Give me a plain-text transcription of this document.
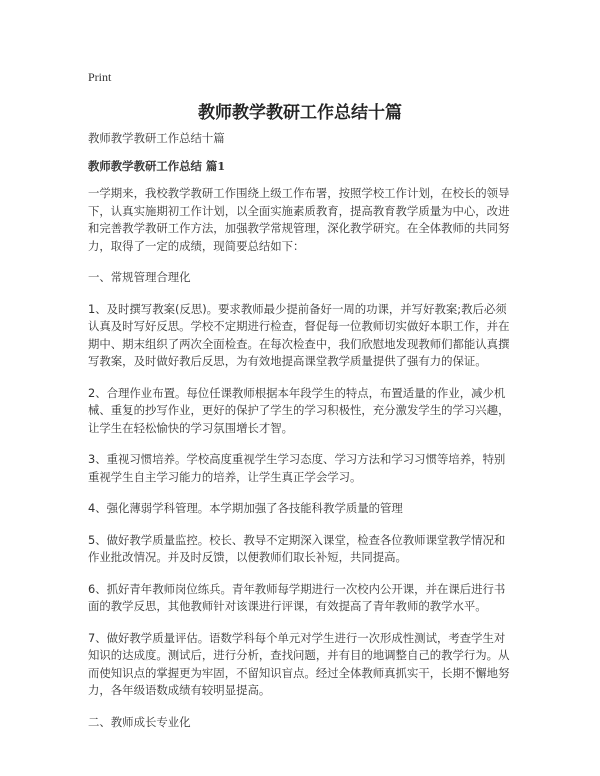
Print
教师教学教研工作总结十篇

教师教学教研工作总结十篇

教师教学教研工作总结 篇1

一学期来，我校教学教研工作围绕上级工作布署，按照学校工作计划，在校长的领导下，认真实施期初工作计划，以全面实施素质教育，提高教育教学质量为中心，改进和完善教学教研工作方法，加强教学常规管理，深化教学研究。在全体教师的共同努力，取得了一定的成绩，现简要总结如下：

一、常规管理合理化

1、及时撰写教案(反思)。要求教师最少提前备好一周的功课，并写好教案;教后必须认真及时写好反思。学校不定期进行检查，督促每一位教师切实做好本职工作，并在期中、期末组织了两次全面检查。在每次检查中，我们欣慰地发现教师们都能认真撰写教案，及时做好教后反思，为有效地提高课堂教学质量提供了强有力的保证。

2、合理作业布置。每位任课教师根据本年段学生的特点，布置适量的作业，减少机械、重复的抄写作业，更好的保护了学生的学习积极性，充分激发学生的学习兴趣，让学生在轻松愉快的学习氛围增长才智。

3、重视习惯培养。学校高度重视学生学习态度、学习方法和学习习惯等培养，特别重视学生自主学习能力的培养，让学生真正学会学习。

4、强化薄弱学科管理。本学期加强了各技能科教学质量的管理

5、做好教学质量监控。校长、教导不定期深入课堂，检查各位教师课堂教学情况和作业批改情况。并及时反馈，以便教师们取长补短，共同提高。

6、抓好青年教师岗位练兵。青年教师每学期进行一次校内公开课，并在课后进行书面的教学反思，其他教师针对该课进行评课，有效提高了青年教师的教学水平。

7、做好教学质量评估。语数学科每个单元对学生进行一次形成性测试，考查学生对知识的达成度。测试后，进行分析，查找问题，并有目的地调整自己的教学行为。从而使知识点的掌握更为牢固，不留知识盲点。经过全体教师真抓实干，长期不懈地努力，各年级语数成绩有较明显提高。

二、教师成长专业化
